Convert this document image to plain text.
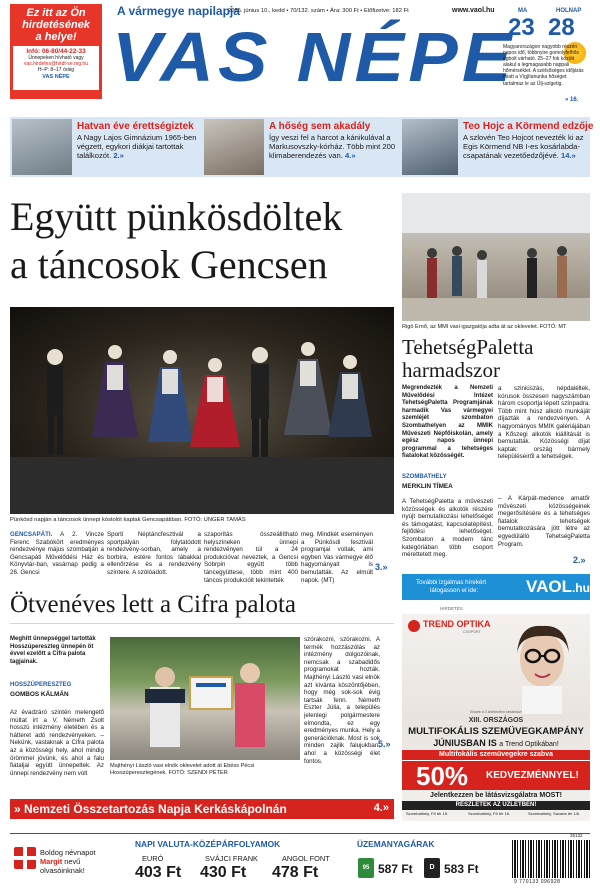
Ez itt az Ön
hirdetésének
a helye!
Infó: 06-80/44-22-33
Ünnepeken hívható vagy
vas.hirdetes@hirdt-se.mg.hu
H–P: 8–17 óráig
VAS NÉPE
A vármegye napilapja
2025. június 10., kedd • 70/132. szám • Ára: 300 Ft • Előfizetve: 182 Ft	www.vaol.hu
VAS NÉPE
MA	HOLNAP
23 28
Magyarországon nagyobb részén napos idő, többnyire gomolyfelhős égbolt várható. 25–27 fok között alakul a legmagasabb nappali hőmérséklet. A szélsőséges időjárás miatt a Vígjítanunka hőséget tartalmaz le az Ülj-szigetig.
» 16.
Hatvan éve érettségiztek
A Nagy Lajos Gimnázium 1965-ben végzett, egykori diákjai tartottak találkozót. 2.»
A hőség sem akadály
Így veszi fel a harcot a kánikulával a Markusovszky-kórház. Több mint 200 klimaberendezés van. 4.»
Teo Hojc a Körmend edzője
A szlovén Teo Hojcot nevezték ki az Egis Körmend NB I-es kosárlabda-csapatának vezetőedzőjévé. 14.»
Együtt pünkösdöltek
a táncosok Gencsen
Pünkösd napján a táncosok ünnepi kóstolót kaptak Gencsapátiban. FOTÓ: UNGER TAMÁS
GENCSAPÁTI. A 2. Vincze Ferenc Szabókört eredményes rendezvénye május szombatján a Gencsapáti Művelődési Ház és Könyvtár-ban, vasárnap pedig a 26. Gencsi
Sportí Néptáncfesztivál a sportpályán folytatódott rendezvény-sorban, amely a borbíra, estére fontos lábakkal ellenőrzése és a rendezvény színtere. A szólóadott.
szaporítás összeállítható helyszíneken ünnepi rendezvényen túl a 24 produkcióval neveztek, a Gencsi Sóbrpin együtt több táncegyüttese, több mint 400 táncos produkcióit tekintették
meg. Mindkét eseményen a Pünkösdi fesztivál programjai voltak, ami egyben Vas vármegye élő hagyományait is bemutatták. Az elmúlt napok. (MT)
3.»
Rigó Ernő, az MMI vasi igazgatója adta át az oklevelet. FOTÓ: MT
TehetségPaletta
harmadszor
Megrendezték a Nemzeti Művelődési Intézet TehetségPaletta Programjának harmadik Vas vármegyei szemléjét szombaton Szombathelyen az MMIK Művészeti Népfőiskolán, amely egész napos ünnepi programmal a tehetséges fiatalokat közösségét.
SZOMBATHELY
MERKLIN TÍMEA
A TehetségPaletta a művészeti közösségek és alkotók részére nyújt bemutatkozási lehetőséget és támogatást, kapcsolatépítést, fejlődési lehetőséget. Szombaton a modern tánc kategóriában több csoport mérettetett meg.
a sziniúszás, népdaléltek, kórusok összesen nagyszámban három csoportja lépett színpadra. Több mint húsz alkotó munkáját díjazták a rendezvényen. A hagyományos MMIK galériájában a Kőszegi alkotók kiállítását is bemutatták. Közösségi díjat kaptak: ország bármely településeiről a tehetségek.
– A Kárpát-medence amatőr művészeti közösségeinek megerősítésére és a tehetséges fiatalok tehetségek bemutatkozására jött létre az egyedülálló TehetségPaletta Program.
2.»
További izgalmas hírekért
látogasson el ide:	VAOL.hu
Ötvenéves lett a Cifra palota
Meghitt ünnepséggel tartották Hosszúpereszteg ünnepén öt évvel ezelőtt a Cifra palota tagjainak.
HOSSZÚPERESZTEG
GOMBOS KÁLMÁN
Az évadzáró szintén melengető múltat írt a V. Németh Zsolt hosszú intézmény életében és a hátteret adó rendezvényeken. – Nekünk, vastaknak a Cifra palota az a közösségi hely, ahol mindig örömmel jövünk, és ahol a falu fiataljai együtt ünnepeltek. Az ünnepi rendezvény nem volt
Majthényi László vasi elnök oklevelet adott át Ebéss Pécsi Hosszúperesztegének. FOTÓ: SZENDI PÉTER
szórakozni, szórakozni. A termék hozzászólás az intézmény dolgozóinak, nemcsak a szabadidős programokat hozták. Majthényi László vasi elnök azt kívánta köszöntőjében, hogy még sok-sok évig tartsák fenn. Németh Eszter Júlia, a település jelenlegi polgármestere elmondta, ez egy eredményes munka. Hely a generációknak. Most is sok minden zajlik falujukban, ahol a közösségi élet fontos.
5.»
» Nemzeti Összetartozás Napja Kerkáskápolnán	4.»
HIRDETÉS
TREND OPTIKA
CSOPORT
XIII. ORSZÁGOS
MULTIFOKÁLIS SZEMÜVEGKAMPÁNY
JÚNIUSBAN IS a Trend Optikában!
Multifokális szemüvegekre szabva
50% KEDVEZMÉNNYEL!
Jelentkezzen be látásvizsgálatra MOST!
RÉSZLETEK AZ ÜZLETBEN!
Szombathely, Fő tér 15.	Szombathely, Fő tér 16.	Szombathely, Savaria tér 1/6.
Elvsek a 3 kötelezően tartalmaz!
Boldog névnapot
Margit nevű olvasóinknak!
NAPI VALUTA-KÖZÉPÁRFOLYAMOK
EURÓ
403 Ft
SVÁJCI FRANK
430 Ft
ANGOL FONT
478 Ft
ÜZEMANYAGÁRAK
95 587 Ft	D 583 Ft
25132
9 770133 096928
